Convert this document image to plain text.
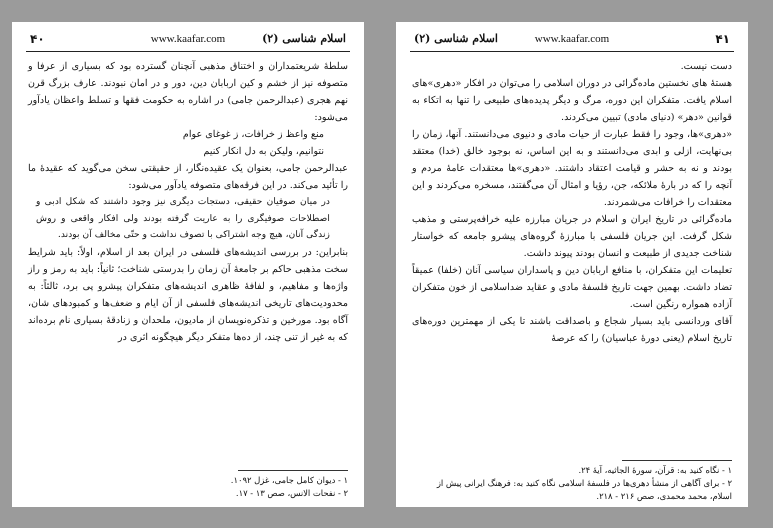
۴۰	www.kaafar.com	اسلام شناسی (۲)

سلطهٔ شریعتمداران و اختناق مذهبی آنچنان گسترده بود که بسیاری از عرفا و متصوفه نیز از خشم و کین اربابان دین، دور و در امان نبودند. عارف بزرگ قرن نهم هجری (عبدالرحمن جامی) در اشاره به حکومت فقها و تسلط واعظان یادآور می‌شود:

منع واعظ ز خرافات، ز غوغای عوام

نتوانیم، ولیکن به دل انکار کنیم

عبدالرحمن جامی، بعنوان یک عقیده‌نگار، از حقیقتی سخن می‌گوید که عقیدهٔ ما را تأئید می‌کند. در این فرقه‌های متصوفه یادآور می‌شود:

در میان صوفیان حقیقی، دستجات دیگری نیز وجود داشتند که شکل ادبی و اصطلاحات صوفیگری را به عاریت گرفته بودند ولی افکار واقعی و روش زندگی آنان، هیچ وجه اشتراکی با تصوف نداشت و حتّی مخالف آن بودند.

بنابراین: در بررسی اندیشه‌های فلسفی در ایران بعد از اسلام، اولاً: باید شرایط سخت مذهبی حاکم بر جامعهٔ آن زمان را بدرستی شناخت؛ ثانیاً: باید به رمز و راز واژه‌ها و مفاهیم، و لفافهٔ ظاهری اندیشه‌های متفکران پیشرو پی برد، ثالثاً: به محدودیت‌های تاریخی اندیشه‌های فلسفی از آن ایام و ضعف‌ها و کمبودهای شان، آگاه بود. مورخین و تذکره‌نویسان از مادیون، ملحدان و زنادقهٔ بسیاری نام برده‌اند که به غیر از تنی چند، از ده‌ها متفکر دیگر هیچگونه اثری در

۱ - دیوان کامل جامی، غزل ۱۰۹۲.

۲ - نفحات الانس، صص ۱۳ - ۱۷.

۴۱
www.kaafar.com
اسلام شناسی (۲)

دست نیست.

هستهٔ های نخستین ماده‌گرائی در دوران اسلامی را می‌توان در افکار «دهری»‌های اسلام یافت. متفکران این دوره، مرگ و دیگر پدیده‌های طبیعی را تنها به اتکاء به قوانین «دهر» (دنیای مادی) تبیین می‌کردند.

«دهری»‌ها، وجود را فقط عبارت از حیات مادی و دنیوی می‌دانستند. آنها، زمان را بی‌نهایت، ازلی و ابدی می‌دانستند و به این اساس، نه بوجود خالق (خدا) معتقد بودند و نه به حشر و قیامت اعتقاد داشتند. «دهری»‌ها معتقدات عامهٔ مردم و آنچه را که در بارهٔ ملائکه، جن، رؤیا و امثال آن می‌گفتند، مسخره می‌کردند و این معتقدات را خرافات می‌شمردند.

ماده‌گرائی در تاریخ ایران و اسلام در جریان مبارزه علیه خرافه‌پرستی و مذهب شکل گرفت. این جریان فلسفی با مبارزهٔ گروه‌های پیشرو جامعه که خواستار شناخت جدیدی از طبیعت و انسان بودند پیوند داشت.

تعلیمات این متفکران، با منافع اربابان دین و پاسداران سیاسی آنان (خلفا) عمیقاً تضاد داشت. بهمین جهت تاریخ فلسفهٔ مادی و عقاید ضداسلامی از خون متفکران آزاده همواره رنگین است.

آقای وردانسی باید بسیار شجاع و باصداقت باشند تا یکی از مهمترین دوره‌های تاریخ اسلام (یعنی دورهٔ عباسیان) را که عرصهٔ

۱ - نگاه کنید به: قرآن، سورهٔ الجاثیه، آیهٔ ۲۴.

۲ - برای آگاهی از منشأ دهری‌ها در فلسفهٔ اسلامی نگاه کنید به: فرهنگ ایرانی پیش از اسلام، محمد محمدی، صص ۲۱۶ - ۲۱۸.
